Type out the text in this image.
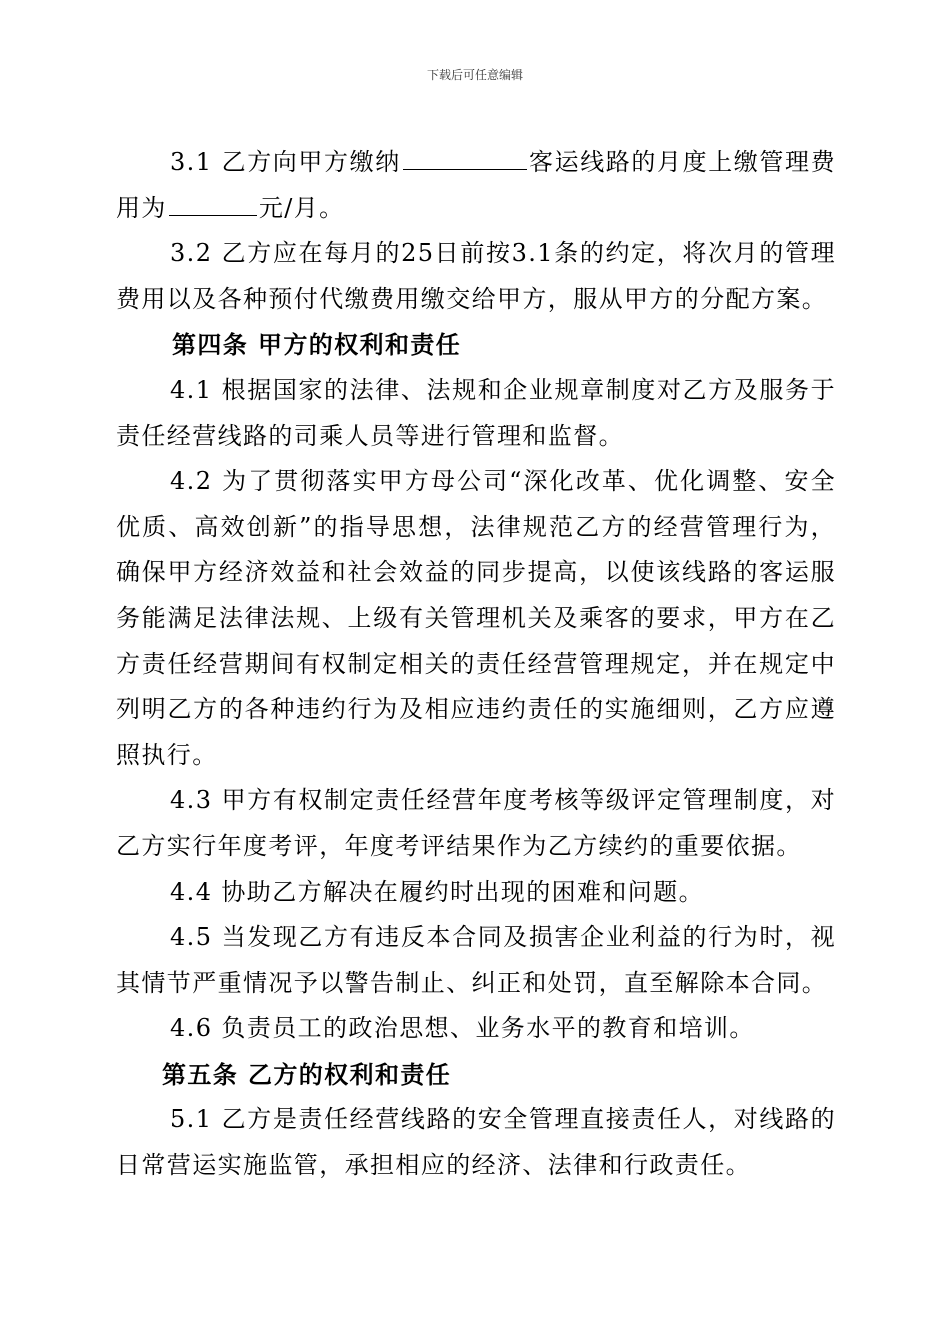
下载后可任意编辑

3.1 乙方向甲方缴纳	客运线路的月度上缴管理费用为	元/月。

3.2 乙方应在每月的25日前按3.1条的约定，将次月的管理费用以及各种预付代缴费用缴交给甲方，服从甲方的分配方案。

第四条 甲方的权利和责任

4.1 根据国家的法律、法规和企业规章制度对乙方及服务于责任经营线路的司乘人员等进行管理和监督。

4.2 为了贯彻落实甲方母公司“深化改革、优化调整、安全优质、高效创新”的指导思想，法律规范乙方的经营管理行为，确保甲方经济效益和社会效益的同步提高，以使该线路的客运服务能满足法律法规、上级有关管理机关及乘客的要求，甲方在乙方责任经营期间有权制定相关的责任经营管理规定，并在规定中列明乙方的各种违约行为及相应违约责任的实施细则，乙方应遵照执行。

4.3 甲方有权制定责任经营年度考核等级评定管理制度，对乙方实行年度考评，年度考评结果作为乙方续约的重要依据。

4.4 协助乙方解决在履约时出现的困难和问题。

4.5 当发现乙方有违反本合同及损害企业利益的行为时，视其情节严重情况予以警告制止、纠正和处罚，直至解除本合同。

4.6 负责员工的政治思想、业务水平的教育和培训。

第五条 乙方的权利和责任

5.1 乙方是责任经营线路的安全管理直接责任人，对线路的日常营运实施监管，承担相应的经济、法律和行政责任。
